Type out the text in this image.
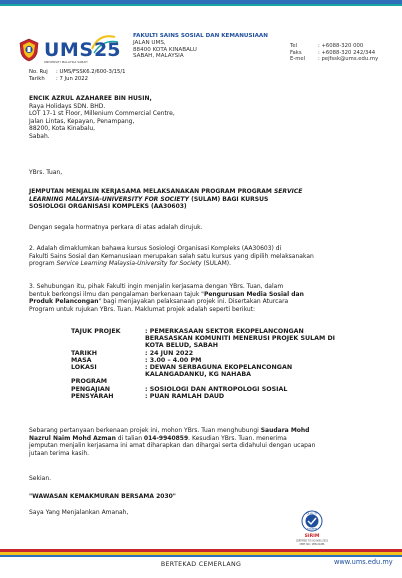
UMS
UNIVERSITI MALAYSIA SABAH
25
FAKULTI SAINS SOSIAL DAN KEMANUSIAAN
JALAN UMS,
88400 KOTA KINABALU
SABAH, MALAYSIA
Tel	: +6088-320 000
Faks	: +6088-320 242/344
E-mel	: pejfssk@ums.edu.my
No. Ruj	: UMS/FSSK6.2/600-3/15/1
Tarikh	: 7 Jun 2022
ENCIK AZRUL AZAHAREE BIN HUSIN,
Raya Holidays SDN. BHD.
LOT 17-1 st Floor, Millenium Commercial Centre,
Jalan Lintas, Kepayan, Penampang,
88200, Kota Kinabalu,
Sabah.
YBrs. Tuan,
JEMPUTAN MENJALIN KERJASAMA MELAKSANAKAN PROGRAM PROGRAM SERVICE
LEARNING MALAYSIA-UNIVERSITY FOR SOCIETY (SULAM) BAGI KURSUS
SOSIOLOGI ORGANISASI KOMPLEKS (AA30603)
Dengan segala hormatnya perkara di atas adalah dirujuk.
2. Adalah dimaklumkan bahawa kursus Sosiologi Organisasi Kompleks (AA30603) di
Fakulti Sains Sosial dan Kemanusiaan merupakan salah satu kursus yang dipilih melaksanakan
program Service Learning Malaysia-University for Society (SULAM).
3. Sehubungan itu, pihak Fakulti ingin menjalin kerjasama dengan YBrs. Tuan, dalam
bentuk berkongsi ilmu dan pengalaman berkenaan tajuk "Pengurusan Media Sosial dan
Produk Pelancongan" bagi menjayakan pelaksanaan projek ini. Disertakan Aturcara
Program untuk rujukan YBrs. Tuan. Maklumat projek adalah seperti berikut:
TAJUK PROJEK	: PEMERKASAAN SEKTOR EKOPELANCONGAN
BERASASKAN KOMUNITI MENERUSI PROJEK SULAM DI
KOTA BELUD, SABAH
TARIKH	: 24 JUN 2022
MASA	: 3.00 – 4.00 PM
LOKASI	: DEWAN SERBAGUNA EKOPELANCONGAN
KALANGADANKU, KG NAHABA
PROGRAM
PENGAJIAN	: SOSIOLOGI DAN ANTROPOLOGI SOSIAL
PENSYARAH	: PUAN RAMLAH DAUD
Sebarang pertanyaan berkenaan projek ini, mohon YBrs. Tuan menghubungi Saudara Mohd
Nazrul Naim Mohd Azman di talian 014-9940859. Kesudian YBrs. Tuan. menerima
jemputan menjalin kerjasama ini amat diharapkan dan dihargai serta didahului dengan ucapan
jutaan terima kasih.
Sekian.
"WAWASAN KEMAKMURAN BERSAMA 2030"
Saya Yang Menjalankan Amanah,	QUALITY
SYSTEM
SIRIM
CERTIFIED TO ISO 9001:2015
CERT. NO.: QMS 01286
BERTEKAD CEMERLANG	www.ums.edu.my
